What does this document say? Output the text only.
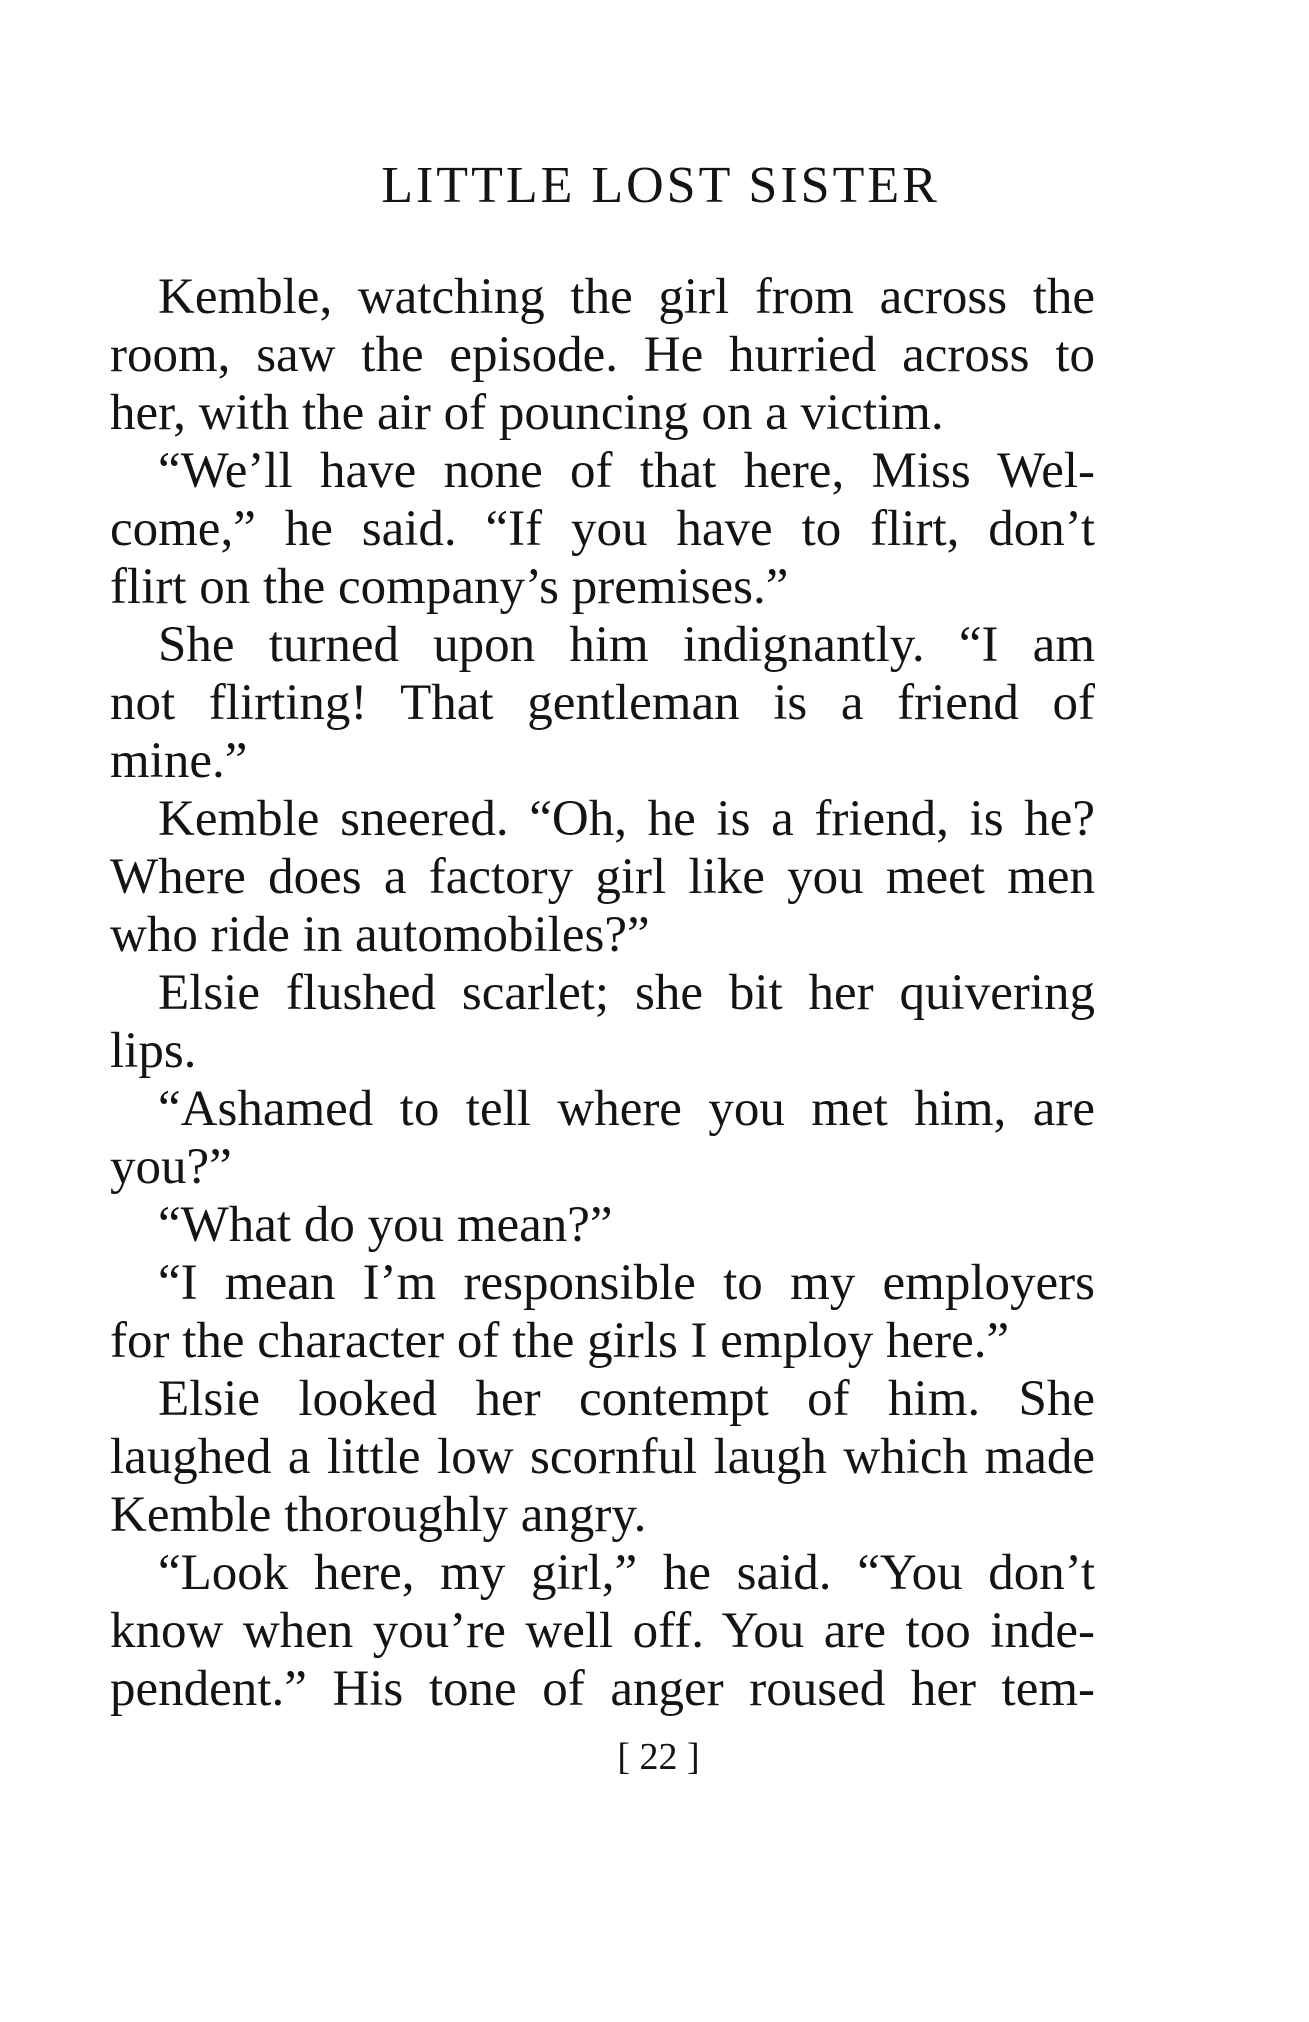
LITTLE LOST SISTER
Kemble, watching the girl from across the
room, saw the episode. He hurried across to
her, with the air of pouncing on a victim.
“We’ll have none of that here, Miss Wel-
come,” he said. “If you have to flirt, don’t
flirt on the company’s premises.”
She turned upon him indignantly. “I am
not flirting! That gentleman is a friend of
mine.”
Kemble sneered. “Oh, he is a friend, is he?
Where does a factory girl like you meet men
who ride in automobiles?”
Elsie flushed scarlet; she bit her quivering
lips.
“Ashamed to tell where you met him, are
you?”
“What do you mean?”
“I mean I’m responsible to my employers
for the character of the girls I employ here.”
Elsie looked her contempt of him. She
laughed a little low scornful laugh which made
Kemble thoroughly angry.
“Look here, my girl,” he said. “You don’t
know when you’re well off. You are too inde-
pendent.” His tone of anger roused her tem-
[ 22 ]
